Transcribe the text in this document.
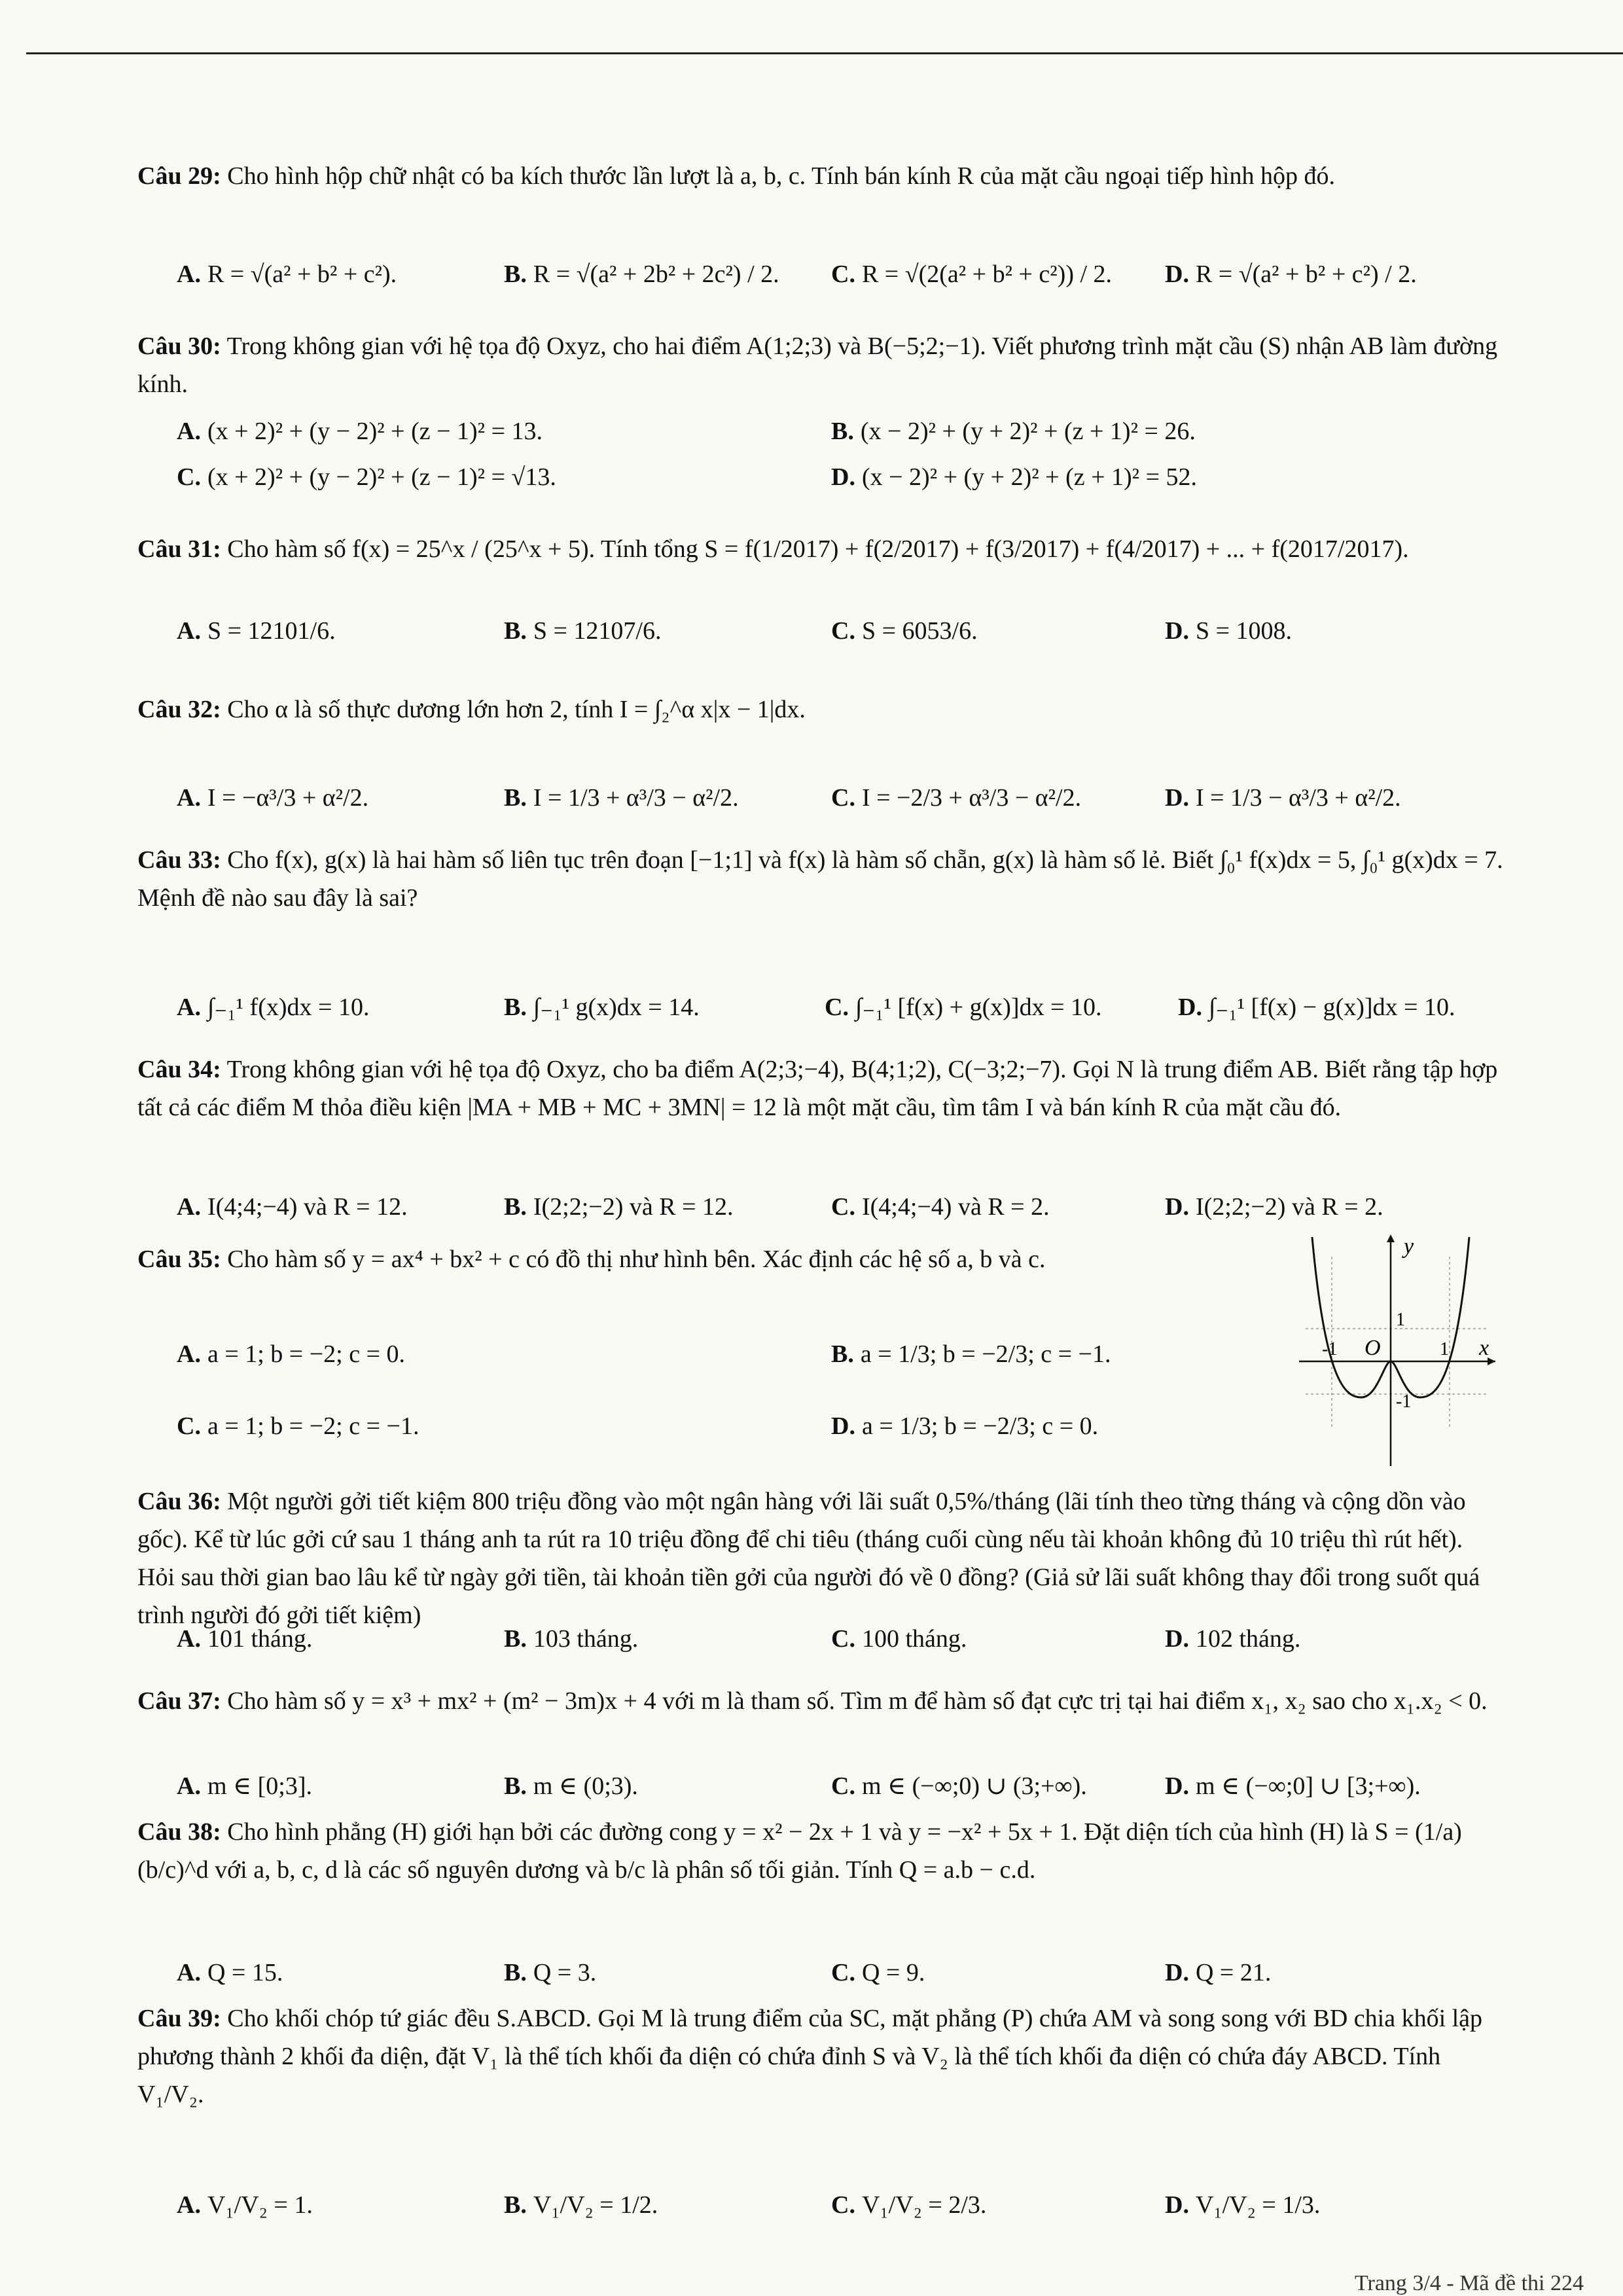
Câu 29: Cho hình hộp chữ nhật có ba kích thước lần lượt là a, b, c. Tính bán kính R của mặt cầu ngoại tiếp hình hộp đó.
A. R = √(a² + b² + c²).	B. R = √(a² + 2b² + 2c²) / 2. C. R = √(2(a² + b² + c²)) / 2. D. R = √(a² + b² + c²) / 2.
Câu 30: Trong không gian với hệ tọa độ Oxyz, cho hai điểm A(1;2;3) và B(−5;2;−1). Viết phương trình mặt cầu (S) nhận AB làm đường kính.
A. (x + 2)² + (y − 2)² + (z − 1)² = 13.	B. (x − 2)² + (y + 2)² + (z + 1)² = 26.
C. (x + 2)² + (y − 2)² + (z − 1)² = √13.	D. (x − 2)² + (y + 2)² + (z + 1)² = 52.
Câu 31: Cho hàm số f(x) = 25^x / (25^x + 5). Tính tổng S = f(1/2017) + f(2/2017) + f(3/2017) + f(4/2017) + ... + f(2017/2017).
A. S = 12101/6.	B. S = 12107/6.	C. S = 6053/6.	D. S = 1008.
Câu 32: Cho α là số thực dương lớn hơn 2, tính I = ∫₂^α x|x − 1|dx.
A. I = −α³/3 + α²/2.	B. I = 1/3 + α³/3 − α²/2.	C. I = −2/3 + α³/3 − α²/2.	D. I = 1/3 − α³/3 + α²/2.
Câu 33: Cho f(x), g(x) là hai hàm số liên tục trên đoạn [−1;1] và f(x) là hàm số chẵn, g(x) là hàm số lẻ. Biết ∫₀¹ f(x)dx = 5, ∫₀¹ g(x)dx = 7. Mệnh đề nào sau đây là sai?
A. ∫₋₁¹ f(x)dx = 10.	B. ∫₋₁¹ g(x)dx = 14.	C. ∫₋₁¹ [f(x) + g(x)]dx = 10.	D. ∫₋₁¹ [f(x) − g(x)]dx = 10.
Câu 34: Trong không gian với hệ tọa độ Oxyz, cho ba điểm A(2;3;−4), B(4;1;2), C(−3;2;−7). Gọi N là trung điểm AB. Biết rằng tập hợp tất cả các điểm M thỏa điều kiện |MA + MB + MC + 3MN| = 12 là một mặt cầu, tìm tâm I và bán kính R của mặt cầu đó.
A. I(4;4;−4) và R = 12.	B. I(2;2;−2) và R = 12.	C. I(4;4;−4) và R = 2.	D. I(2;2;−2) và R = 2.
Câu 35: Cho hàm số y = ax⁴ + bx² + c có đồ thị như hình bên. Xác định các hệ số a, b và c.
A. a = 1; b = −2; c = 0.	B. a = 1/3; b = −2/3; c = −1.
C. a = 1; b = −2; c = −1.	D. a = 1/3; b = −2/3; c = 0.
y
x
O
-1	1
1
-1
Câu 36: Một người gởi tiết kiệm 800 triệu đồng vào một ngân hàng với lãi suất 0,5%/tháng (lãi tính theo từng tháng và cộng dồn vào gốc). Kể từ lúc gởi cứ sau 1 tháng anh ta rút ra 10 triệu đồng để chi tiêu (tháng cuối cùng nếu tài khoản không đủ 10 triệu thì rút hết). Hỏi sau thời gian bao lâu kể từ ngày gởi tiền, tài khoản tiền gởi của người đó về 0 đồng? (Giả sử lãi suất không thay đổi trong suốt quá trình người đó gởi tiết kiệm)
A. 101 tháng.	B. 103 tháng.	C. 100 tháng.	D. 102 tháng.
Câu 37: Cho hàm số y = x³ + mx² + (m² − 3m)x + 4 với m là tham số. Tìm m để hàm số đạt cực trị tại hai điểm x₁, x₂ sao cho x₁.x₂ < 0.
A. m ∈ [0;3].	B. m ∈ (0;3).	C. m ∈ (−∞;0) ∪ (3;+∞).	D. m ∈ (−∞;0] ∪ [3;+∞).
Câu 38: Cho hình phẳng (H) giới hạn bởi các đường cong y = x² − 2x + 1 và y = −x² + 5x + 1. Đặt diện tích của hình (H) là S = (1/a)(b/c)^d với a, b, c, d là các số nguyên dương và b/c là phân số tối giản. Tính Q = a.b − c.d.
A. Q = 15.	B. Q = 3.	C. Q = 9.	D. Q = 21.
Câu 39: Cho khối chóp tứ giác đều S.ABCD. Gọi M là trung điểm của SC, mặt phẳng (P) chứa AM và song song với BD chia khối lập phương thành 2 khối đa diện, đặt V₁ là thể tích khối đa diện có chứa đỉnh S và V₂ là thể tích khối đa diện có chứa đáy ABCD. Tính V₁/V₂.
A. V₁/V₂ = 1.	B. V₁/V₂ = 1/2.	C. V₁/V₂ = 2/3.	D. V₁/V₂ = 1/3.
Trang 3/4 - Mã đề thi 224
